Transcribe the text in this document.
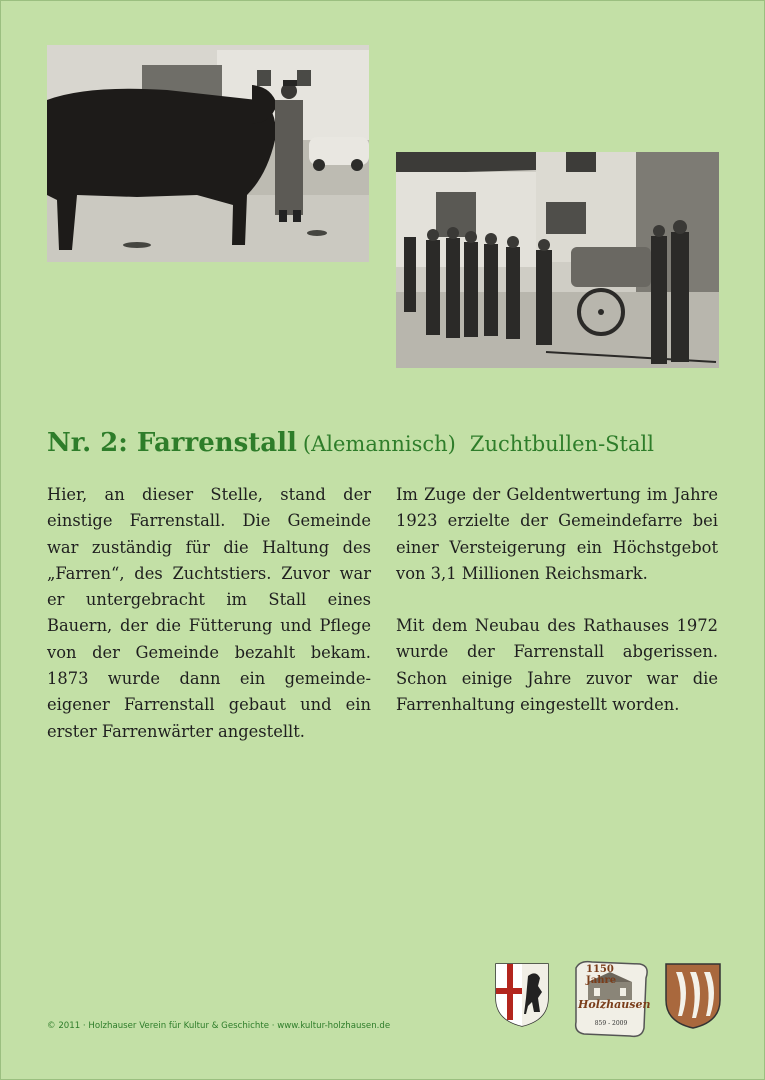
Nr. 2: Farrenstall (Alemannisch) Zuchtbullen-Stall

Hier, an dieser Stelle, stand der einstige Farrenstall. Die Gemeinde war zuständig für die Haltung des „Farren“, des Zuchtstiers. Zuvor war er untergebracht im Stall eines Bauern, der die Fütterung und Pflege von der Gemeinde bezahlt bekam. 1873 wurde dann ein gemeinde-eigener Farrenstall gebaut und ein erster Farrenwärter angestellt.

Im Zuge der Geldentwertung im Jahre 1923 erzielte der Gemeindefarre bei einer Versteigerung ein Höchstgebot von 3,1 Millionen Reichsmark.

Mit dem Neubau des Rathauses 1972 wurde der Farrenstall abgerissen. Schon einige Jahre zuvor war die Farrenhaltung eingestellt worden.

© 2011 · Holzhauser Verein für Kultur & Geschichte · www.kultur-holzhausen.de
1150 Jahre
Holzhausen
859 - 2009
